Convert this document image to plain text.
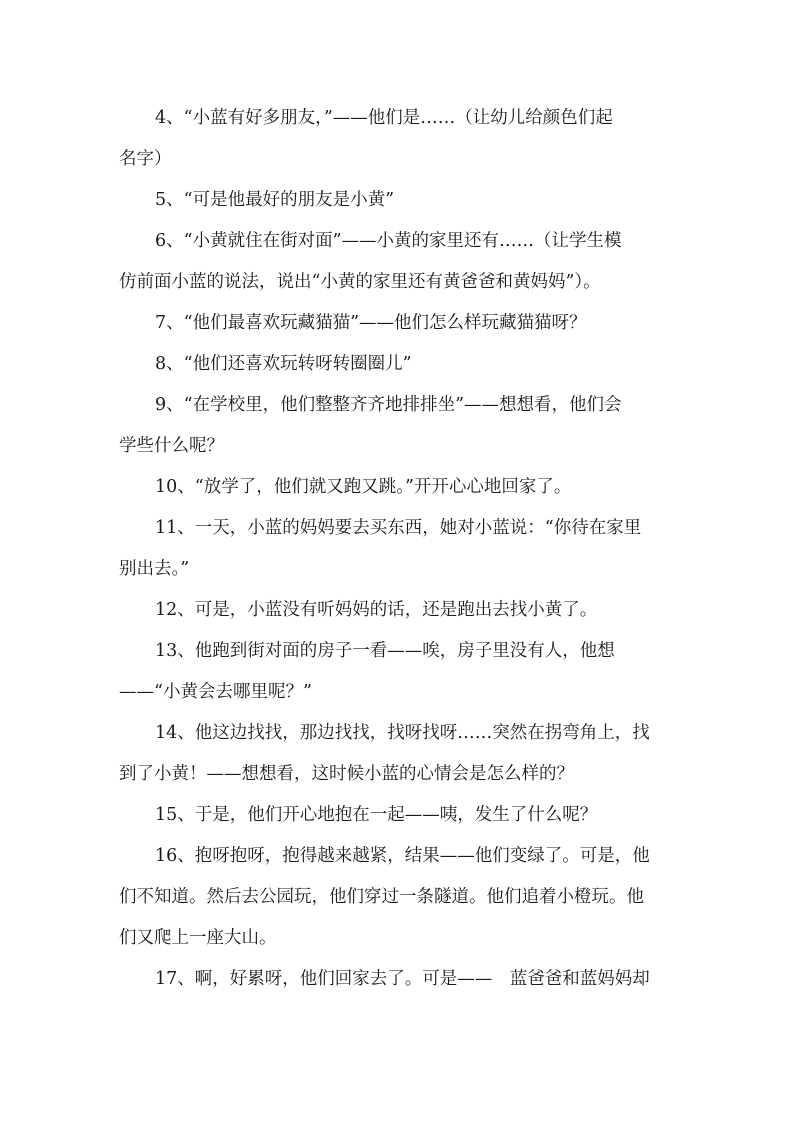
4、“小蓝有好多朋友，”——他们是……（让幼儿给颜色们起
名字）
5、“可是他最好的朋友是小黄”
6、“小黄就住在街对面”——小黄的家里还有……（让学生模
仿前面小蓝的说法，说出“小黄的家里还有黄爸爸和黄妈妈”）。
7、“他们最喜欢玩藏猫猫”——他们怎么样玩藏猫猫呀？
8、“他们还喜欢玩转呀转圈圈儿”
9、“在学校里，他们整整齐齐地排排坐”——想想看，他们会
学些什么呢？
10、“放学了，他们就又跑又跳。”开开心心地回家了。
11、一天，小蓝的妈妈要去买东西，她对小蓝说：“你待在家里
别出去。”
12、可是，小蓝没有听妈妈的话，还是跑出去找小黄了。
13、他跑到街对面的房子一看——唉，房子里没有人，他想
——“小黄会去哪里呢？”
14、他这边找找，那边找找，找呀找呀……突然在拐弯角上，找
到了小黄！——想想看，这时候小蓝的心情会是怎么样的？
15、于是，他们开心地抱在一起——咦，发生了什么呢？
16、抱呀抱呀，抱得越来越紧，结果——他们变绿了。可是，他
们不知道。然后去公园玩，他们穿过一条隧道。他们追着小橙玩。他
们又爬上一座大山。
17、啊，好累呀，他们回家去了。可是——　蓝爸爸和蓝妈妈却
